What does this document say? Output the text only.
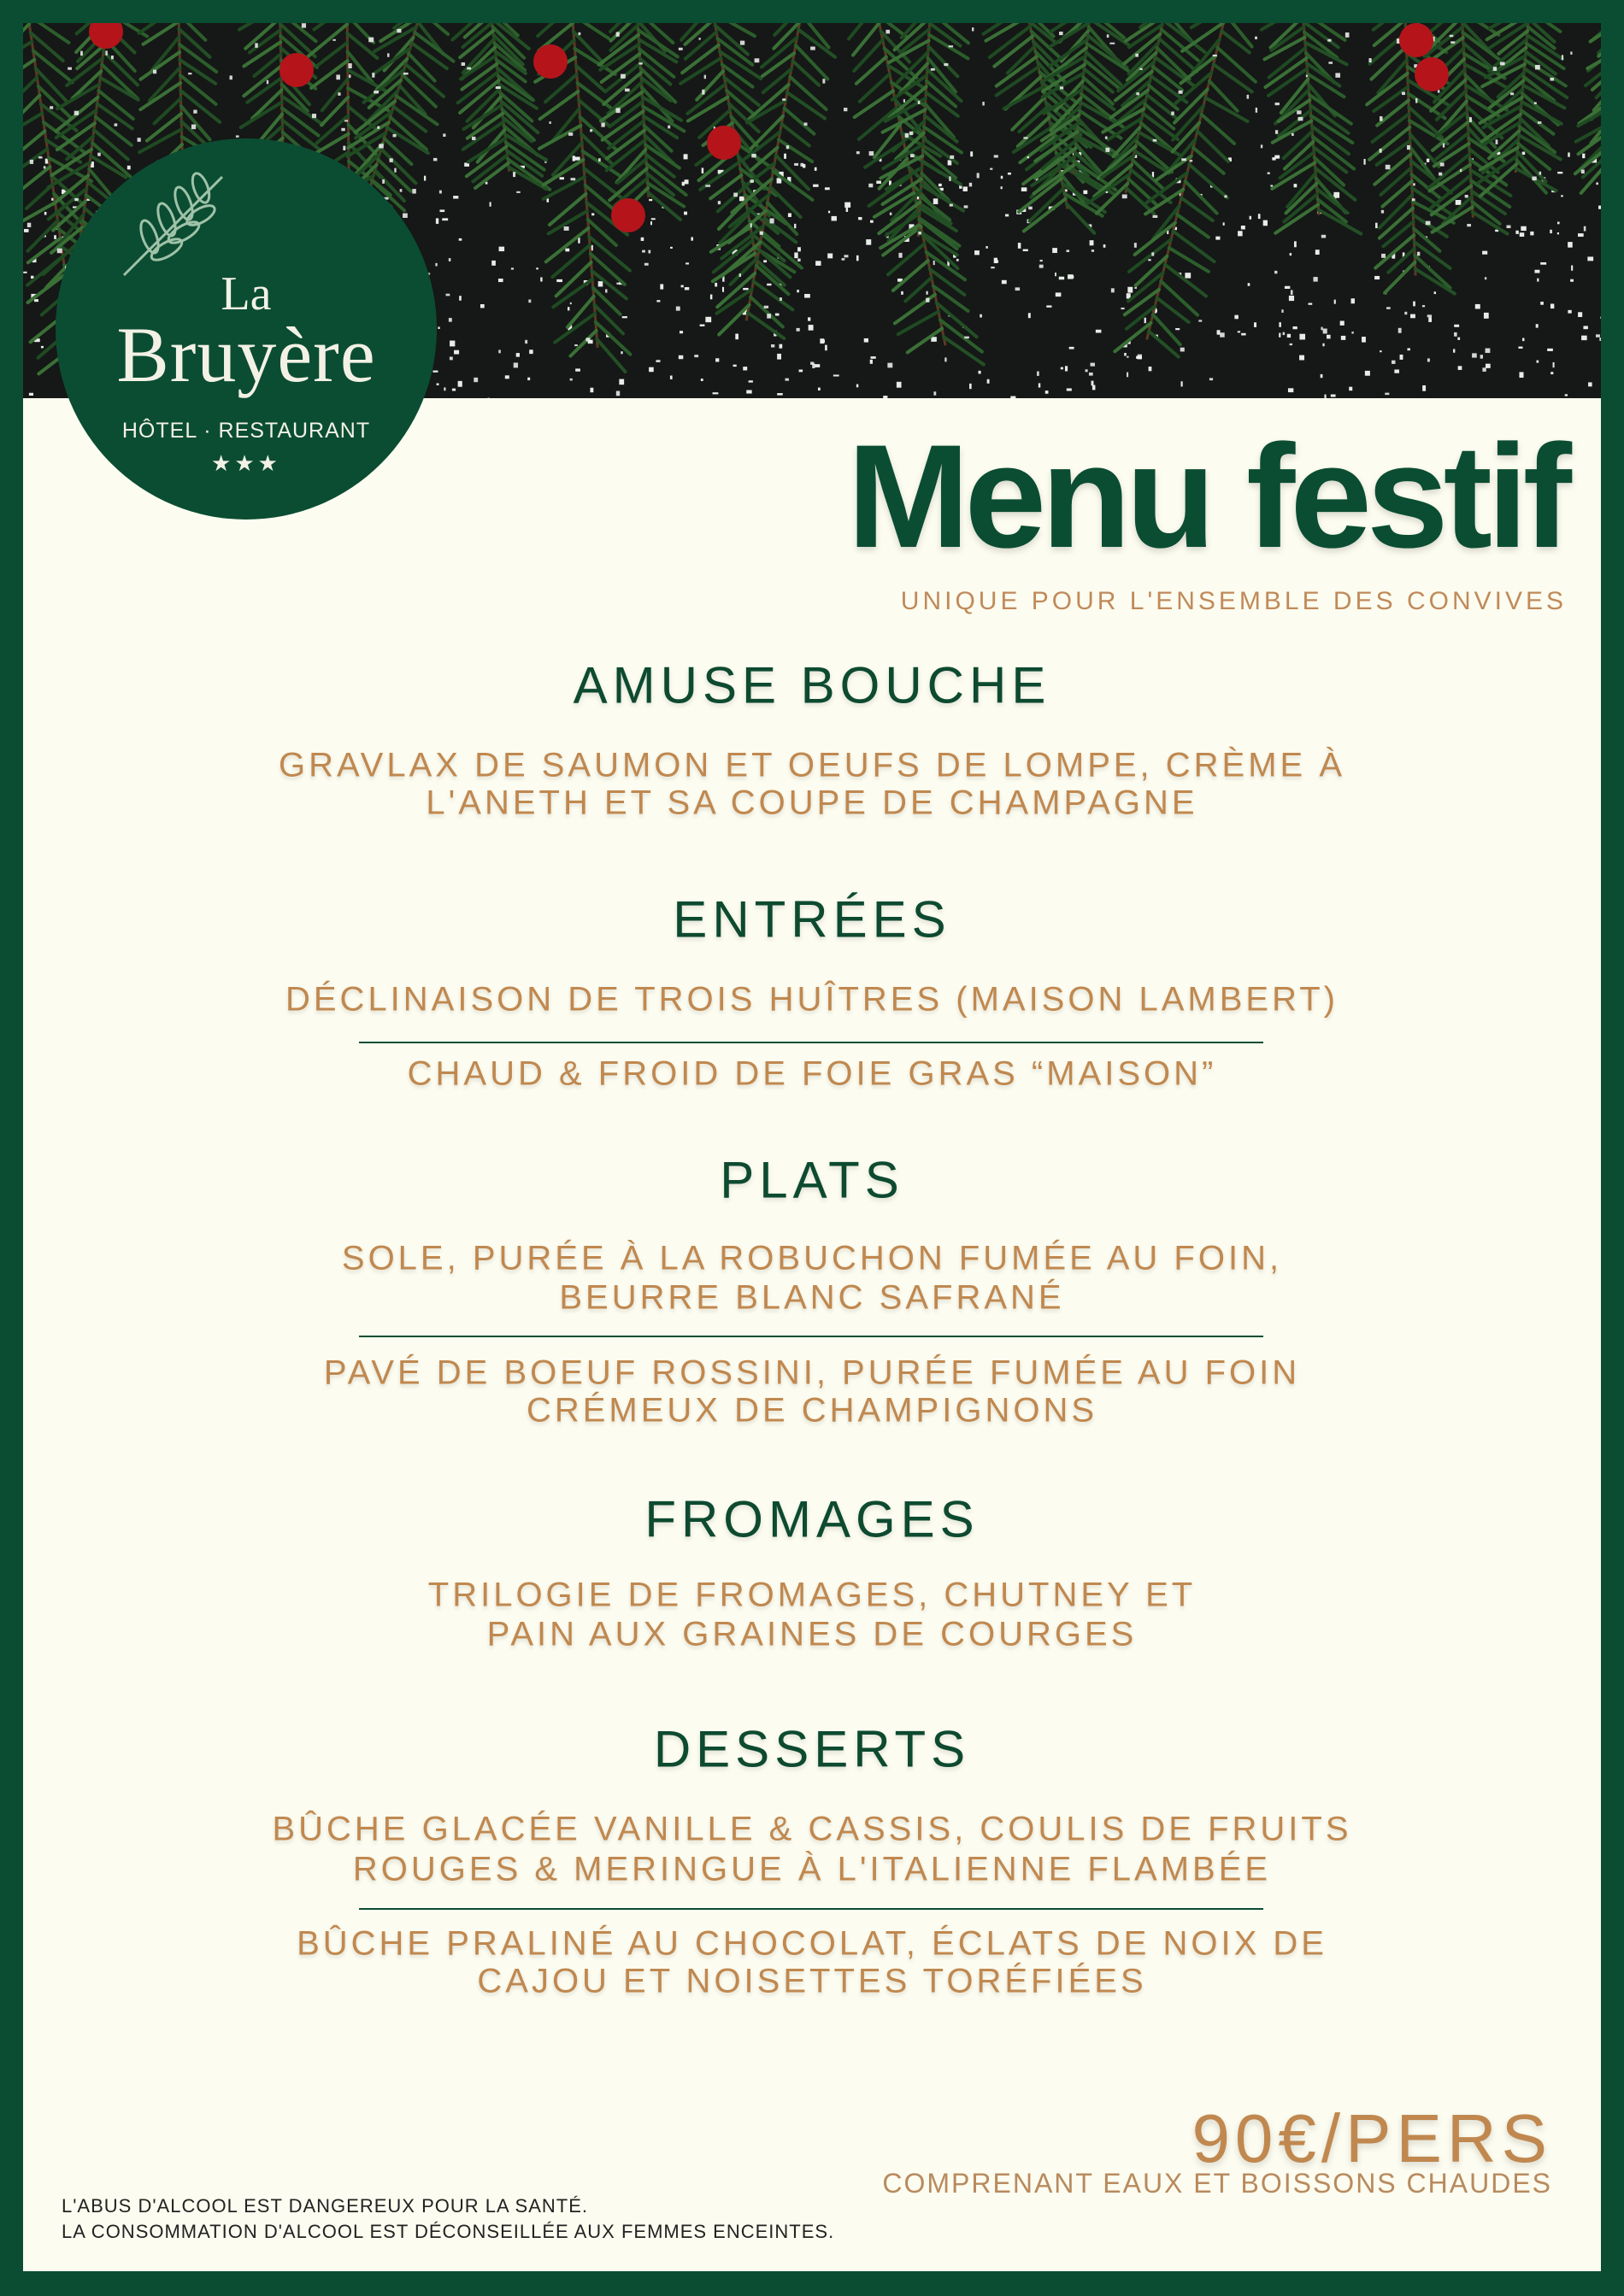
La
Bruyère
HÔTEL · RESTAURANT
★★★	Menu festif
UNIQUE POUR L'ENSEMBLE DES CONVIVES
AMUSE BOUCHE
GRAVLAX DE SAUMON ET OEUFS DE LOMPE, CRÈME À
L'ANETH ET SA COUPE DE CHAMPAGNE
ENTRÉES
DÉCLINAISON DE TROIS HUÎTRES (MAISON LAMBERT)
CHAUD & FROID DE FOIE GRAS “MAISON”
PLATS
SOLE, PURÉE À LA ROBUCHON FUMÉE AU FOIN,
BEURRE BLANC SAFRANÉ
PAVÉ DE BOEUF ROSSINI, PURÉE FUMÉE AU FOIN
CRÉMEUX DE CHAMPIGNONS
FROMAGES
TRILOGIE DE FROMAGES, CHUTNEY ET
PAIN AUX GRAINES DE COURGES
DESSERTS
BÛCHE GLACÉE VANILLE & CASSIS, COULIS DE FRUITS
ROUGES & MERINGUE À L'ITALIENNE FLAMBÉE
BÛCHE PRALINÉ AU CHOCOLAT, ÉCLATS DE NOIX DE
CAJOU ET NOISETTES TORÉFIÉES
90€/PERS
COMPRENANT EAUX ET BOISSONS CHAUDES
L'ABUS D'ALCOOL EST DANGEREUX POUR LA SANTÉ.
LA CONSOMMATION D'ALCOOL EST DÉCONSEILLÉE AUX FEMMES ENCEINTES.
